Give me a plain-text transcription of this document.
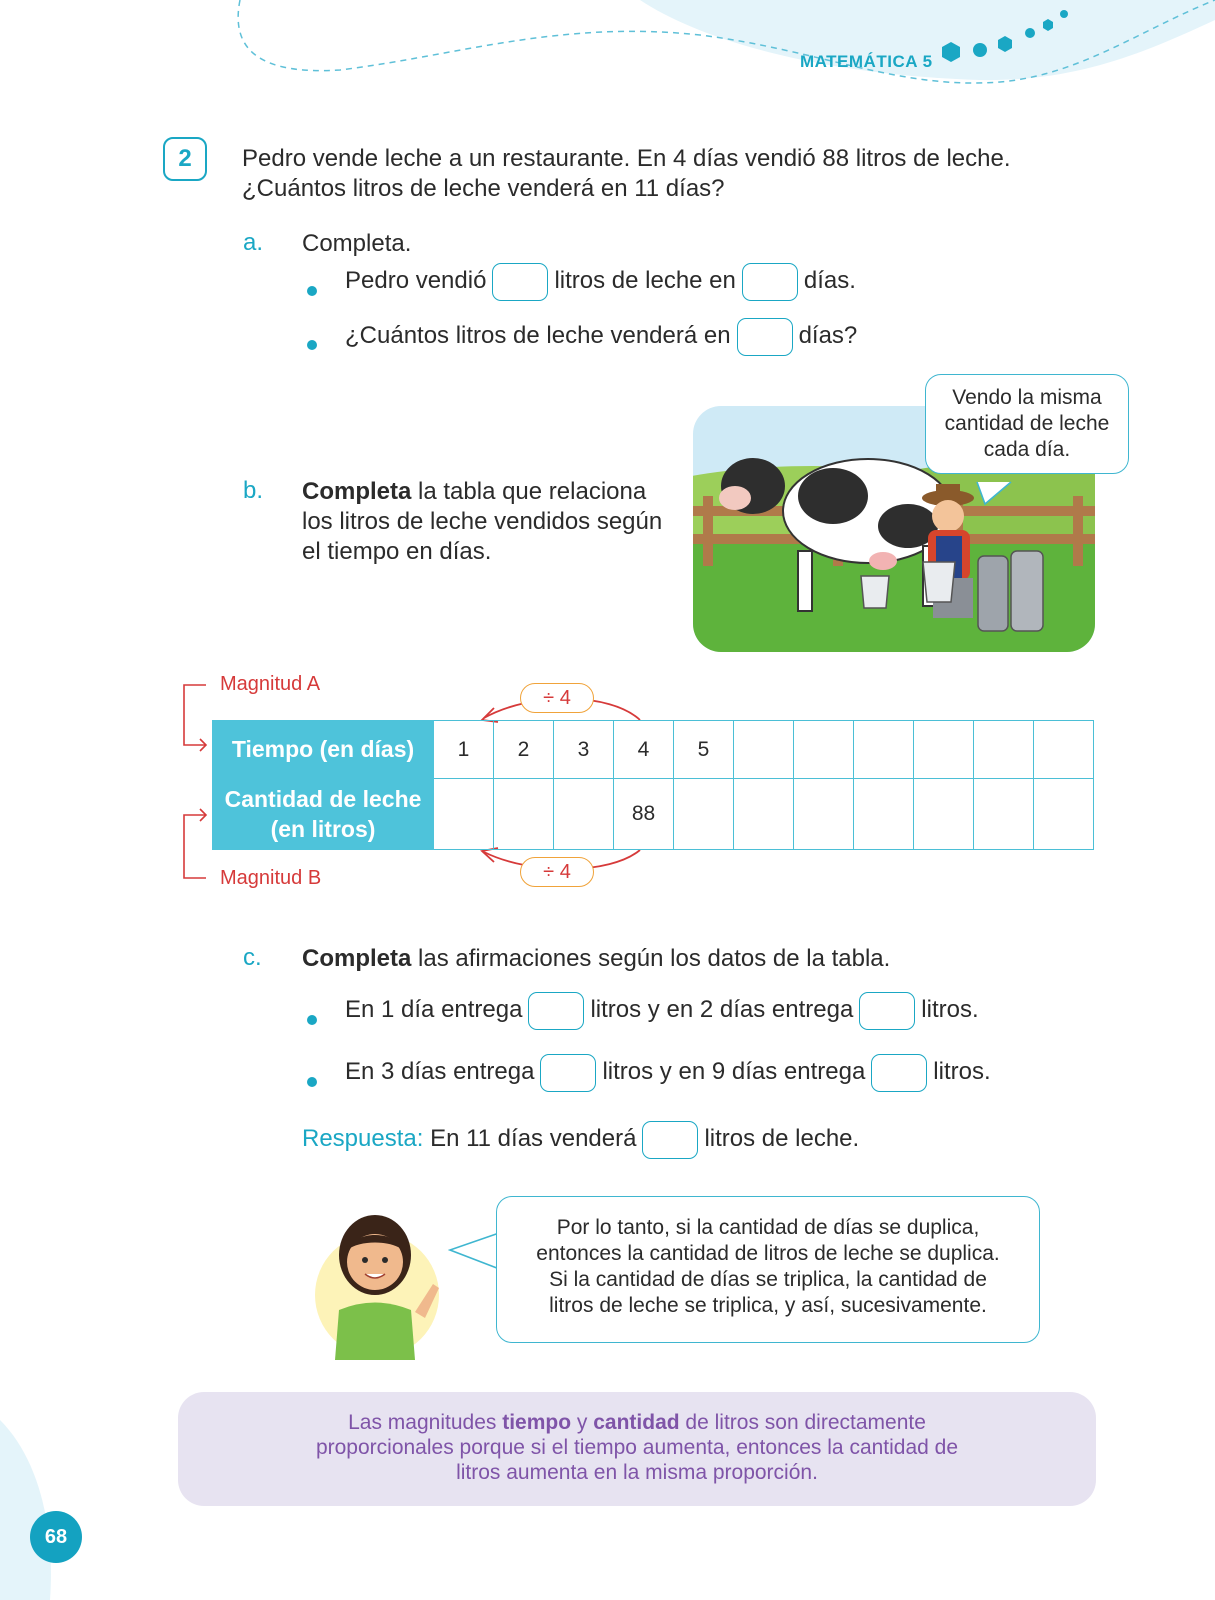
MATEMÁTICA 5
2	Pedro vende leche a un restaurante. En 4 días vendió 88 litros de leche.
¿Cuántos litros de leche venderá en 11 días?
a. Completa.
Pedro vendió	litros de leche en	días.
¿Cuántos litros de leche venderá en	días?
b. Completa la tabla que relaciona
los litros de leche vendidos según
el tiempo en días.
Vendo la misma
cantidad de leche
cada día.
Magnitud A
Magnitud B
÷ 4
÷ 4
Tiempo (en días)	1	2	3	4	5						

Cantidad de leche
(en litros)				88							
c. Completa las afirmaciones según los datos de la tabla.
En 1 día entrega	litros y en 2 días entrega	litros.
En 3 días entrega	litros y en 9 días entrega	litros.
Respuesta: En 11 días venderá	litros de leche.
Por lo tanto, si la cantidad de días se duplica,
entonces la cantidad de litros de leche se duplica.
Si la cantidad de días se triplica, la cantidad de
litros de leche se triplica, y así, sucesivamente.
Las magnitudes tiempo y cantidad de litros son directamente
proporcionales porque si el tiempo aumenta, entonces la cantidad de
litros aumenta en la misma proporción.
68
